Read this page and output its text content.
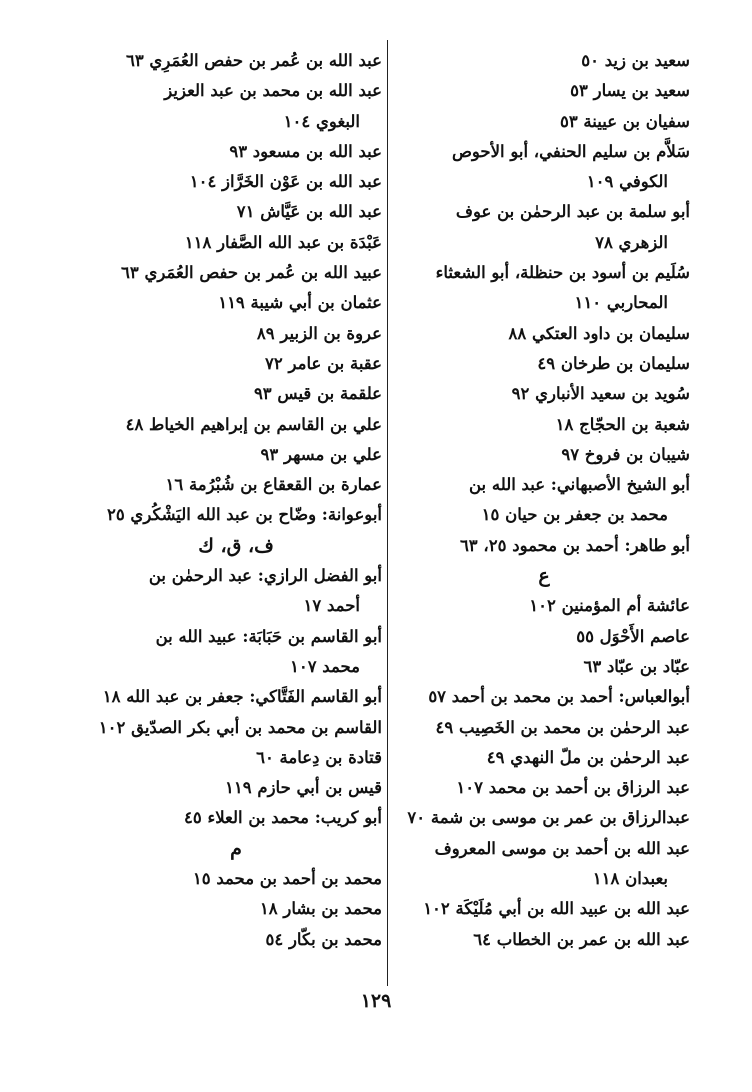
سعيد بن زيد ٥٠
سعيد بن يسار ٥٣
سفيان بن عيينة ٥٣
سَلاَّم بن سليم الحنفي، أبو الأحوص
الكوفي ١٠٩
أبو سلمة بن عبد الرحمٰن بن عوف
الزهري ٧٨
سُلَيم بن أسود بن حنظلة، أبو الشعثاء
المحاربي ١١٠
سليمان بن داود العتكي ٨٨
سليمان بن طرخان ٤٩
سُويد بن سعيد الأنباري ٩٢
شعبة بن الحجّاج ١٨
شيبان بن فروخ ٩٧
أبو الشيخ الأصبهاني: عبد الله بن
محمد بن جعفر بن حيان ١٥
أبو طاهر: أحمد بن محمود ٢٥، ٦٣
ع
عائشة أم المؤمنين ١٠٢
عاصم الأَحْوَل ٥٥
عبّاد بن عبّاد ٦٣
أبوالعباس: أحمد بن محمد بن أحمد ٥٧
عبد الرحمٰن بن محمد بن الخَصِيب ٤٩
عبد الرحمٰن بن ملّ النهدي ٤٩
عبد الرزاق بن أحمد بن محمد ١٠٧
عبدالرزاق بن عمر بن موسى بن شمة ٧٠
عبد الله بن أحمد بن موسى المعروف
بعبدان ١١٨
عبد الله بن عبيد الله بن أبي مُلَيْكَة ١٠٢
عبد الله بن عمر بن الخطاب ٦٤
عبد الله بن عُمر بن حفص العُمَرِي ٦٣
عبد الله بن محمد بن عبد العزيز
البغوي ١٠٤
عبد الله بن مسعود ٩٣
عبد الله بن عَوْن الخَرَّاز ١٠٤
عبد الله بن عَيَّاش ٧١
عَبْدَة بن عبد الله الصَّفار ١١٨
عبيد الله بن عُمر بن حفص العُمَري ٦٣
عثمان بن أبي شيبة ١١٩
عروة بن الزبير ٨٩
عقبة بن عامر ٧٢
علقمة بن قيس ٩٣
علي بن القاسم بن إبراهيم الخياط ٤٨
علي بن مسهر ٩٣
عمارة بن القعقاع بن شُبْرُمة ١٦
أبوعوانة: وضّاح بن عبد الله اليَشْكُري ٢٥
ف، ق، ك
أبو الفضل الرازي: عبد الرحمٰن بن
أحمد ١٧
أبو القاسم بن حَبَابَة: عبيد الله بن
محمد ١٠٧
أبو القاسم الفَتَّاكي: جعفر بن عبد الله ١٨
القاسم بن محمد بن أبي بكر الصدّيق ١٠٢
قتادة بن دِعامة ٦٠
قيس بن أبي حازم ١١٩
أبو كريب: محمد بن العلاء ٤٥
م
محمد بن أحمد بن محمد ١٥
محمد بن بشار ١٨
محمد بن بكّار ٥٤
١٢٩
